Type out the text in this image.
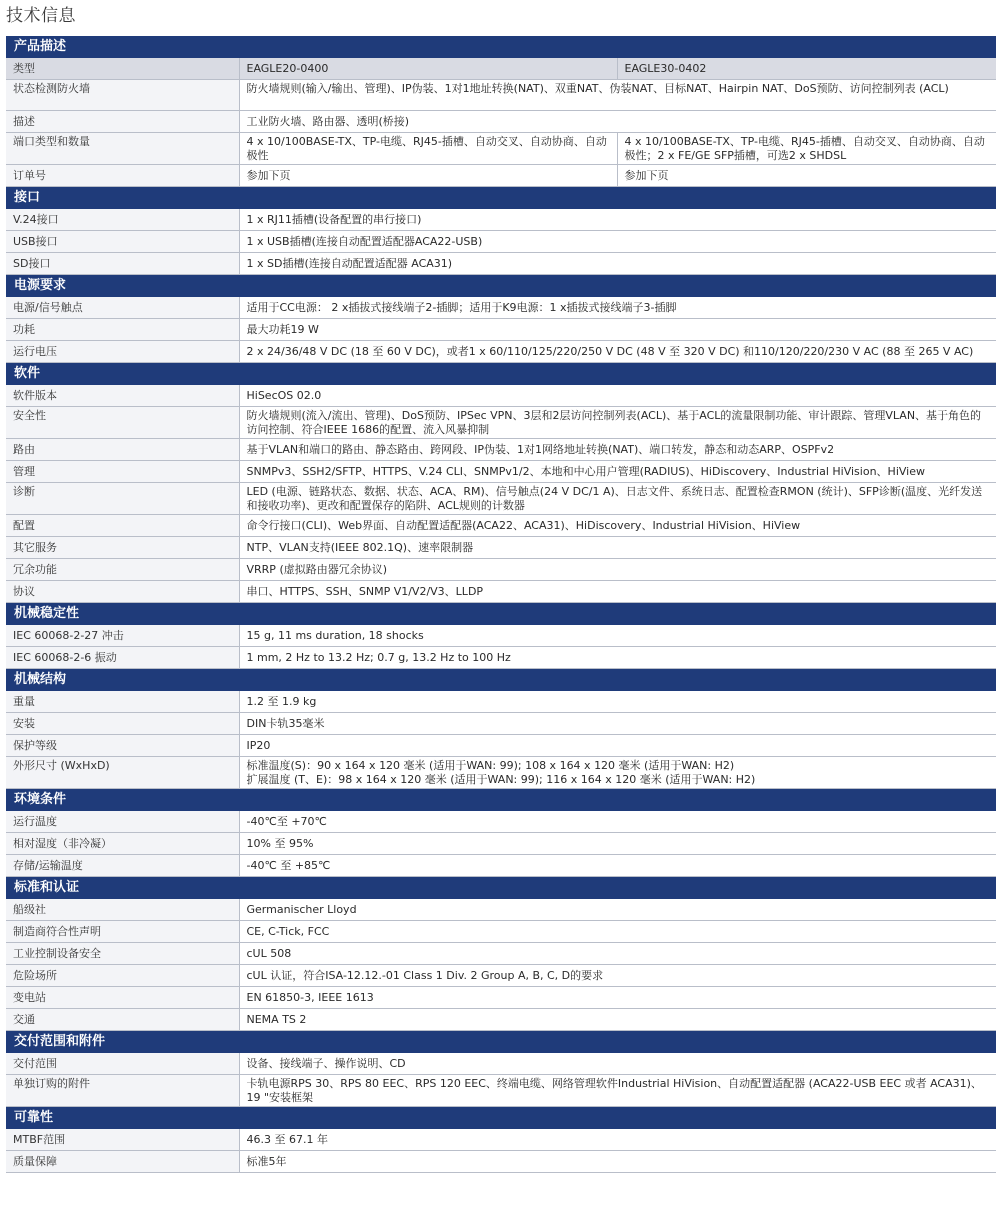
技术信息
产品描述		
类型	EAGLE20-0400	EAGLE30-0402
状态检测防火墙	防火墙规则(输入/输出、管理)、IP伪装、1对1地址转换(NAT)、双重NAT、伪装NAT、目标NAT、Hairpin NAT、DoS预防、访问控制列表 (ACL)	
描述	工业防火墙、路由器、透明(桥接)	
端口类型和数量	4 x 10/100BASE-TX、TP-电缆、RJ45-插槽、自动交叉、自动协商、自动极性	4 x 10/100BASE-TX、TP-电缆、RJ45-插槽、自动交叉、自动协商、自动极性；2 x FE/GE SFP插槽，可选2 x SHDSL
订单号	参加下页	参加下页
接口		
V.24接口	1 x RJ11插槽(设备配置的串行接口)	
USB接口	1 x USB插槽(连接自动配置适配器ACA22-USB)	
SD接口	1 x SD插槽(连接自动配置适配器 ACA31)	
电源要求		
电源/信号触点	适用于CC电源： 2 x插拔式接线端子2-插脚；适用于K9电源：1 x插拔式接线端子3-插脚	
功耗	最大功耗19 W	
运行电压	2 x 24/36/48 V DC (18 至 60 V DC)，或者1 x 60/110/125/220/250 V DC (48 V 至 320 V DC) 和110/120/220/230 V AC (88 至 265 V AC)	
软件		
软件版本	HiSecOS 02.0	
安全性	防火墙规则(流入/流出、管理)、DoS预防、IPSec VPN、3层和2层访问控制列表(ACL)、基于ACL的流量限制功能、审计跟踪、管理VLAN、基于角色的访问控制、符合IEEE 1686的配置、流入风暴抑制	
路由	基于VLAN和端口的路由、静态路由、跨网段、IP伪装、1对1网络地址转换(NAT)、端口转发，静态和动态ARP、OSPFv2	
管理	SNMPv3、SSH2/SFTP、HTTPS、V.24 CLI、SNMPv1/2、本地和中心用户管理(RADIUS)、HiDiscovery、Industrial HiVision、HiView	
诊断	LED (电源、链路状态、数据、状态、ACA、RM)、信号触点(24 V DC/1 A)、日志文件、系统日志、配置检查RMON (统计)、SFP诊断(温度、光纤发送和接收功率)、更改和配置保存的陷阱、ACL规则的计数器	
配置	命令行接口(CLI)、Web界面、自动配置适配器(ACA22、ACA31)、HiDiscovery、Industrial HiVision、HiView	
其它服务	NTP、VLAN支持(IEEE 802.1Q)、速率限制器	
冗余功能	VRRP (虚拟路由器冗余协议)	
协议	串口、HTTPS、SSH、SNMP V1/V2/V3、LLDP	
机械稳定性		
IEC 60068-2-27 冲击	15 g, 11 ms duration, 18 shocks	
IEC 60068-2-6 振动	1 mm, 2 Hz to 13.2 Hz; 0.7 g, 13.2 Hz to 100 Hz	
机械结构		
重量	1.2 至 1.9 kg	
安装	DIN卡轨35毫米	
保护等级	IP20	
外形尺寸 (WxHxD)	标准温度(S)：90 x 164 x 120 毫米 (适用于WAN: 99); 108 x 164 x 120 毫米 (适用于WAN: H2)
扩展温度 (T、E)：98 x 164 x 120 毫米 (适用于WAN: 99); 116 x 164 x 120 毫米 (适用于WAN: H2)	
环境条件		
运行温度	-40℃至 +70℃	
相对湿度（非冷凝）	10% 至 95%	
存储/运输温度	-40℃ 至 +85℃	
标准和认证		
船级社	Germanischer Lloyd	
制造商符合性声明	CE, C-Tick, FCC	
工业控制设备安全	cUL 508	
危险场所	cUL 认证，符合ISA-12.12.-01 Class 1 Div. 2 Group A, B, C, D的要求	
变电站	EN 61850-3, IEEE 1613	
交通	NEMA TS 2	
交付范围和附件		
交付范围	设备、接线端子、操作说明、CD	
单独订购的附件	卡轨电源RPS 30、RPS 80 EEC、RPS 120 EEC、终端电缆、网络管理软件Industrial HiVision、自动配置适配器 (ACA22-USB EEC 或者 ACA31)、19 "安装框架	
可靠性		
MTBF范围	46.3 至 67.1 年	
质量保障	标准5年	
